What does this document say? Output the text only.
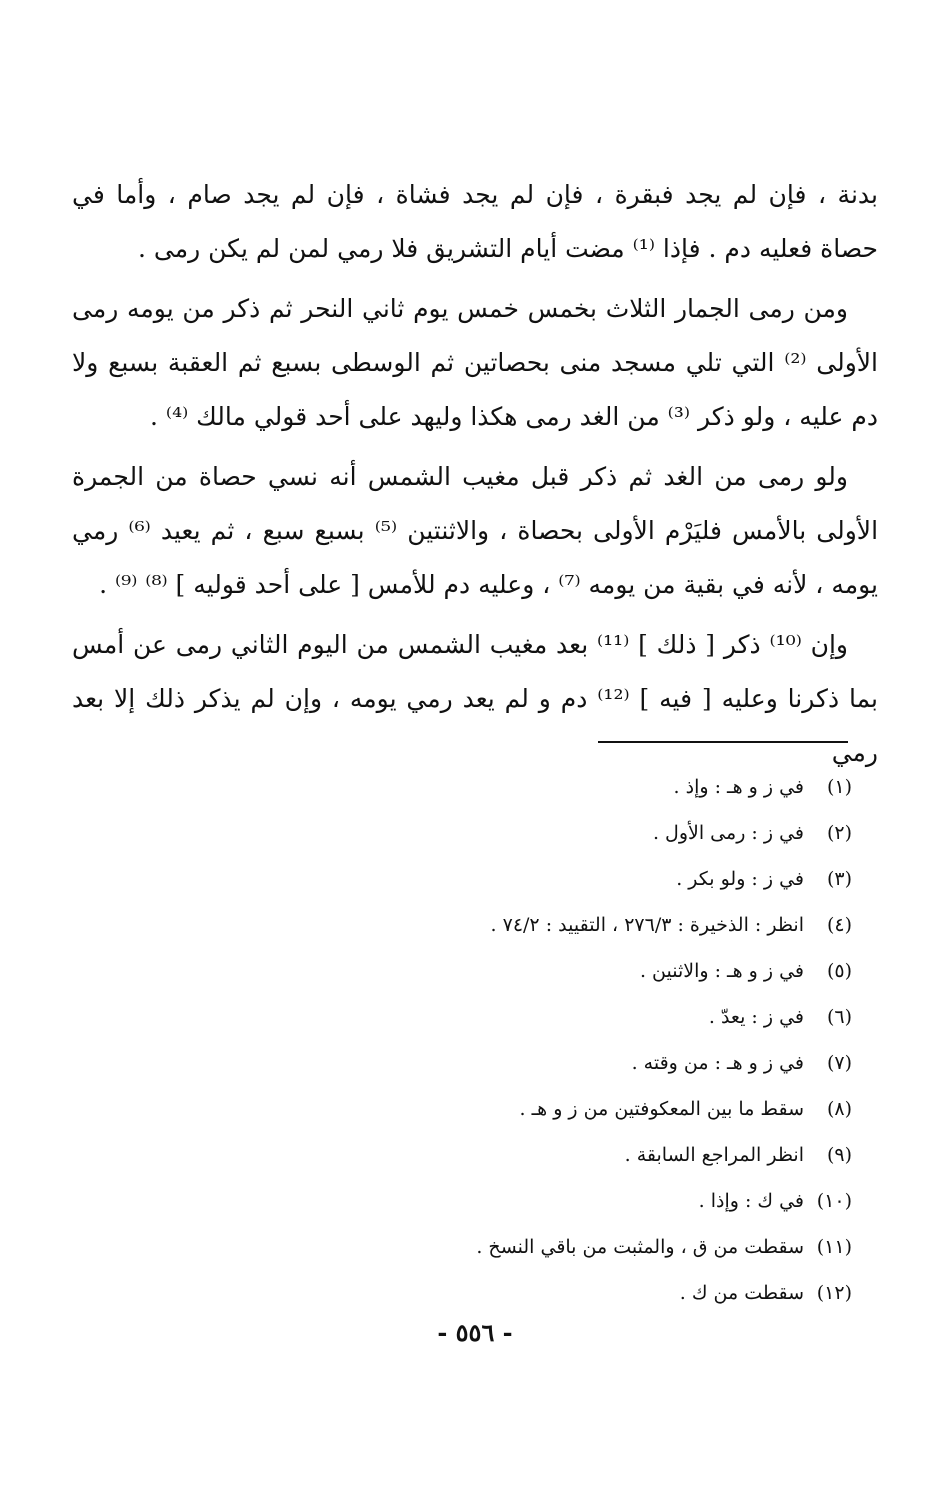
بدنة ، فإن لم يجد فبقرة ، فإن لم يجد فشاة ، فإن لم يجد صام ، وأما في حصاة فعليه دم . فإذا ⁽¹⁾ مضت أيام التشريق فلا رمي لمن لم يكن رمى .

ومن رمى الجمار الثلاث بخمس خمس يوم ثاني النحر ثم ذكر من يومه رمى الأولى ⁽²⁾ التي تلي مسجد منى بحصاتين ثم الوسطى بسبع ثم العقبة بسبع ولا دم عليه ، ولو ذكر ⁽³⁾ من الغد رمى هكذا وليهد على أحد قولي مالك ⁽⁴⁾ .

ولو رمى من الغد ثم ذكر قبل مغيب الشمس أنه نسي حصاة من الجمرة الأولى بالأمس فليَرْم الأولى بحصاة ، والاثنتين ⁽⁵⁾ بسبع سبع ، ثم يعيد ⁽⁶⁾ رمي يومه ، لأنه في بقية من يومه ⁽⁷⁾ ، وعليه دم للأمس [ على أحد قوليه ] ⁽⁸⁾ ⁽⁹⁾ .

وإن ⁽¹⁰⁾ ذكر [ ذلك ] ⁽¹¹⁾ بعد مغيب الشمس من اليوم الثاني رمى عن أمس بما ذكرنا وعليه [ فيه ] ⁽¹²⁾ دم و لم يعد رمي يومه ، وإن لم يذكر ذلك إلا بعد رمي

(١)في ز و هـ : وإذ .
(٢)في ز : رمى الأول .
(٣)في ز : ولو بكر .
(٤)انظر : الذخيرة : ٢٧٦/٣ ، التقييد : ٧٤/٢ .
(٥)في ز و هـ : والاثنين .
(٦)في ز : يعدّ .
(٧)في ز و هـ : من وقته .
(٨)سقط ما بين المعكوفتين من ز و هـ .
(٩)انظر المراجع السابقة .
(١٠)في ك : وإذا .
(١١)سقطت من ق ، والمثبت من باقي النسخ .
(١٢)سقطت من ك .
- ٥٥٦ -
